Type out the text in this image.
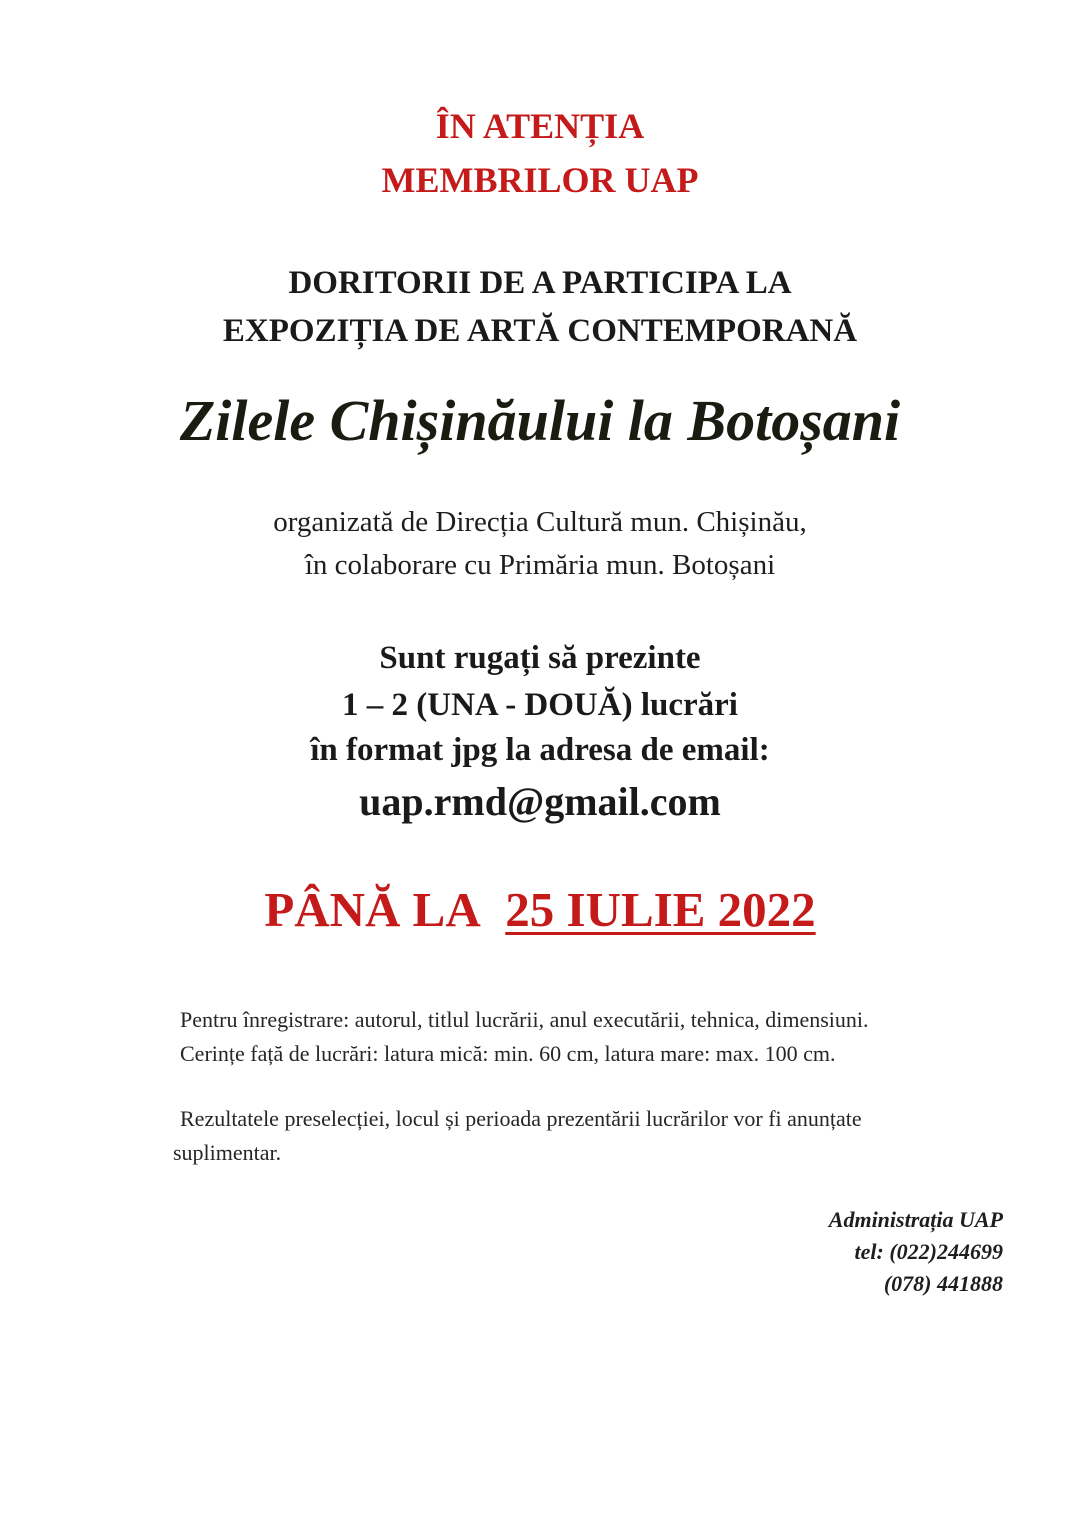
ÎN ATENȚIA

MEMBRILOR UAP

DORITORII DE A PARTICIPA LA

EXPOZIȚIA DE ARTĂ CONTEMPORANĂ

Zilele Chișinăului la Botoșani

organizată de Direcția Cultură mun. Chișinău,

în colaborare cu Primăria mun. Botoșani

Sunt rugați să prezinte

1 – 2 (UNA - DOUĂ) lucrări

în format jpg la adresa de email:

uap.rmd@gmail.com

PÂNĂ LA 25 IULIE 2022

Pentru înregistrare: autorul, titlul lucrării, anul executării, tehnica, dimensiuni.

Cerințe față de lucrări: latura mică: min. 60 cm, latura mare: max. 100 cm.

Rezultatele preselecției, locul și perioada prezentării lucrărilor vor fi anunțate

suplimentar.

Administrația UAP

tel: (022)244699

(078) 441888
